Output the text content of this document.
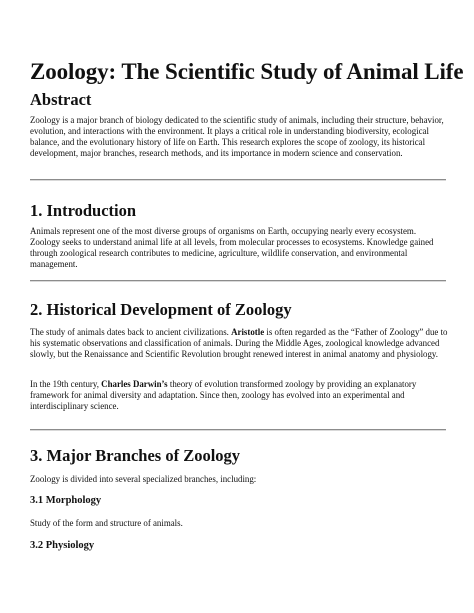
Zoology: The Scientific Study of Animal Life
Abstract

Zoology is a major branch of biology dedicated to the scientific study of animals, including their structure, behavior, evolution, and interactions with the environment. It plays a critical role in understanding biodiversity, ecological balance, and the evolutionary history of life on Earth. This research explores the scope of zoology, its historical development, major branches, research methods, and its importance in modern science and conservation.

1. Introduction

Animals represent one of the most diverse groups of organisms on Earth, occupying nearly every ecosystem. Zoology seeks to understand animal life at all levels, from molecular processes to ecosystems. Knowledge gained through zoological research contributes to medicine, agriculture, wildlife conservation, and environmental management.

2. Historical Development of Zoology

The study of animals dates back to ancient civilizations. Aristotle is often regarded as the “Father of Zoology” due to his systematic observations and classification of animals. During the Middle Ages, zoological knowledge advanced slowly, but the Renaissance and Scientific Revolution brought renewed interest in animal anatomy and physiology.

In the 19th century, Charles Darwin’s theory of evolution transformed zoology by providing an explanatory framework for animal diversity and adaptation. Since then, zoology has evolved into an experimental and interdisciplinary science.

3. Major Branches of Zoology

Zoology is divided into several specialized branches, including:

3.1 Morphology

Study of the form and structure of animals.

3.2 Physiology
